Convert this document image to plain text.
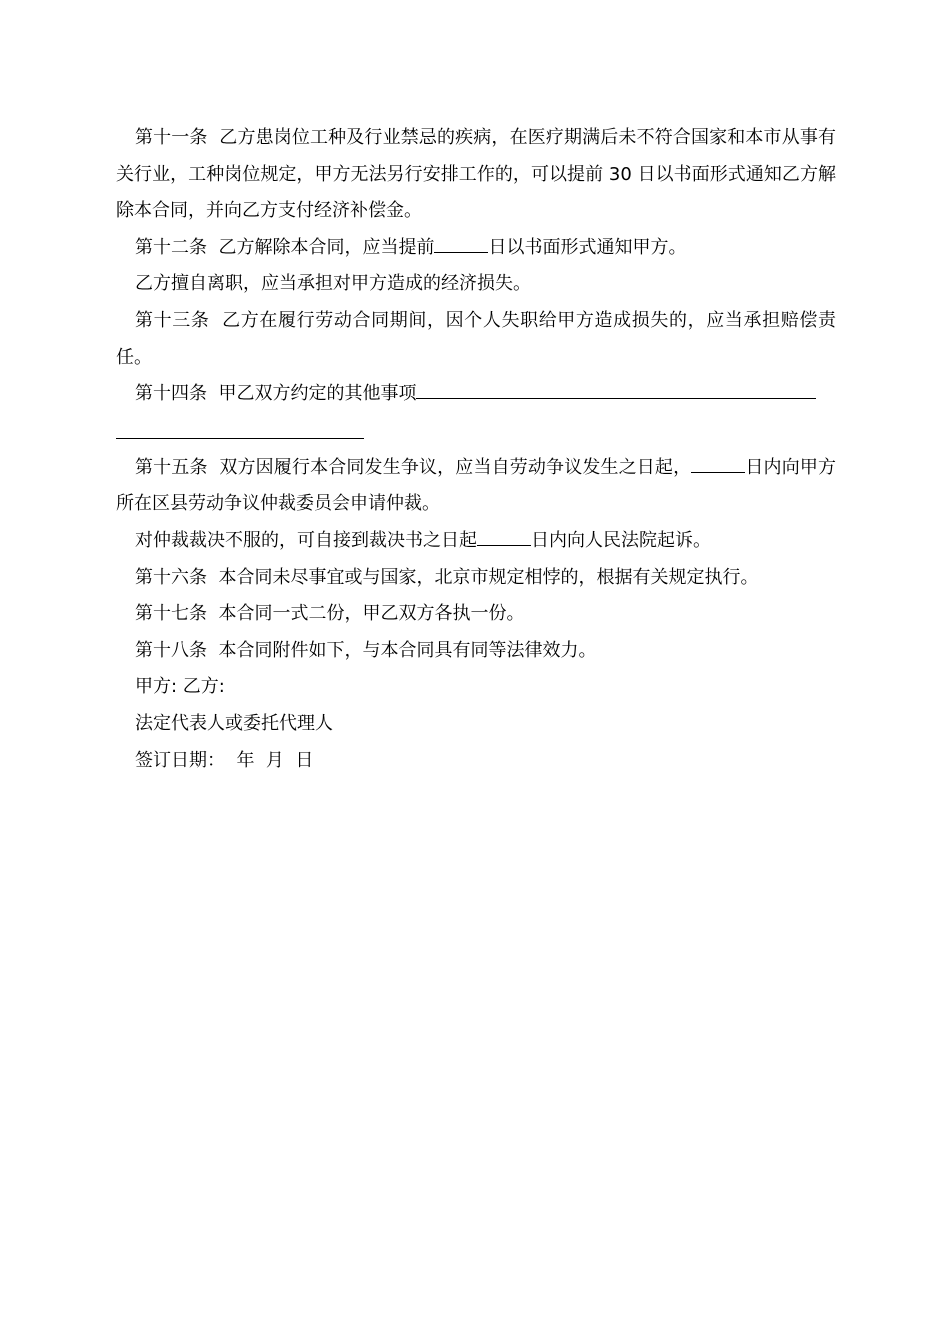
第十一条  乙方患岗位工种及行业禁忌的疾病，在医疗期满后未不符合国家和本市从事有关行业，工种岗位规定，甲方无法另行安排工作的，可以提前 30 日以书面形式通知乙方解除本合同，并向乙方支付经济补偿金。

第十二条  乙方解除本合同，应当提前	日以书面形式通知甲方。

乙方擅自离职，应当承担对甲方造成的经济损失。

第十三条  乙方在履行劳动合同期间，因个人失职给甲方造成损失的，应当承担赔偿责任。

第十四条  甲乙双方约定的其他事项

第十五条  双方因履行本合同发生争议，应当自劳动争议发生之日起，	日内向甲方所在区县劳动争议仲裁委员会申请仲裁。

对仲裁裁决不服的，可自接到裁决书之日起	日内向人民法院起诉。

第十六条  本合同未尽事宜或与国家，北京市规定相悖的，根据有关规定执行。

第十七条  本合同一式二份，甲乙双方各执一份。

第十八条  本合同附件如下，与本合同具有同等法律效力。

甲方: 乙方:

法定代表人或委托代理人

签订日期：  年  月  日
